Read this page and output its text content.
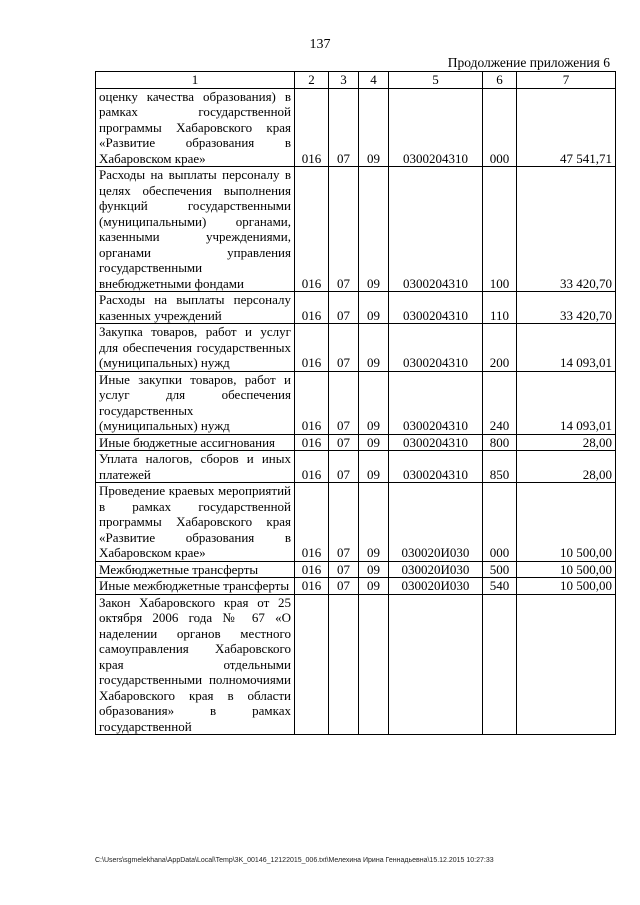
137
Продолжение приложения 6
1	2	3	4	5	6	7
оценку качества образования) в рамках государственной программы Хабаровского края «Развитие образования в Хабаровском крае»	016	07	09	0300204310	000	47 541,71
Расходы на выплаты персоналу в целях обеспечения выполнения функций государственными (муниципальными) органами, казенными учреждениями, органами управления государственными внебюджетными фондами	016	07	09	0300204310	100	33 420,70
Расходы на выплаты персоналу казенных учреждений	016	07	09	0300204310	110	33 420,70
Закупка товаров, работ и услуг для обеспечения государственных (муниципальных) нужд	016	07	09	0300204310	200	14 093,01
Иные закупки товаров, работ и услуг для обеспечения государственных (муниципальных) нужд	016	07	09	0300204310	240	14 093,01
Иные бюджетные ассигнования	016	07	09	0300204310	800	28,00
Уплата налогов, сборов и иных платежей	016	07	09	0300204310	850	28,00
Проведение краевых мероприятий в рамках государственной программы Хабаровского края «Развитие образования в Хабаровском крае»	016	07	09	030020И030	000	10 500,00
Межбюджетные трансферты	016	07	09	030020И030	500	10 500,00
Иные межбюджетные трансферты	016	07	09	030020И030	540	10 500,00
Закон Хабаровского края от 25 октября 2006 года № 67 «О наделении органов местного самоуправления Хабаровского края отдельными государственными полномочиями Хабаровского края в области образования» в рамках государственной						
C:\Users\sgmelekhana\AppData\Local\Temp\3K_00146_12122015_006.txt\Мелехина Ирина Геннадьевна\15.12.2015 10:27:33
